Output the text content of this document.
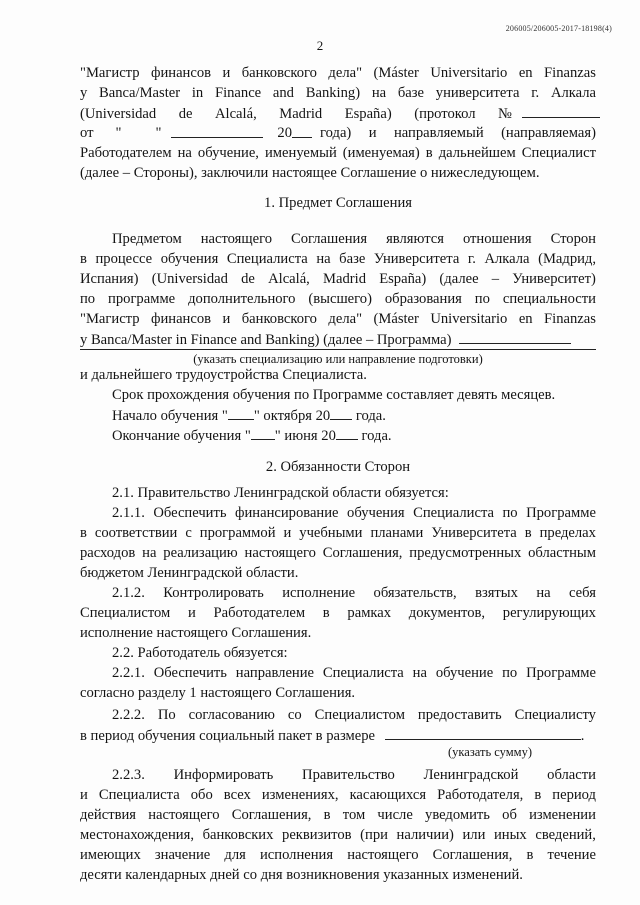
206005/206005-2017-18198(4)
2
"Магистр финансов и банковского дела" (Máster Universitario en Finanzas
y Banca/Master in Finance and Banking) на базе университета г. Алкала
(Universidad de Alcalá, Madrid España) (протокол №

от " "	20 года) и направляемый (направляемая)
Работодателем на обучение, именуемый (именуемая) в дальнейшем Специалист
(далее – Стороны), заключили настоящее Соглашение о нижеследующем.
1. Предмет Соглашения
Предметом настоящего Соглашения являются отношения Сторон
в процессе обучения Специалиста на базе Университета г. Алкала (Мадрид,
Испания) (Universidad de Alcalá, Madrid España) (далее – Университет)
по программе дополнительного (высшего) образования по специальности
"Магистр финансов и банковского дела" (Máster Universitario en Finanzas
y Banca/Master in Finance and Banking) (далее – Программа)
(указать специализацию или направление подготовки)
и дальнейшего трудоустройства Специалиста.
Срок прохождения обучения по Программе составляет девять месяцев.
Начало обучения " " октября 20 года.
Окончание обучения " " июня 20 года.
2. Обязанности Сторон
2.1. Правительство Ленинградской области обязуется:
2.1.1. Обеспечить финансирование обучения Специалиста по Программе
в соответствии с программой и учебными планами Университета в пределах
расходов на реализацию настоящего Соглашения, предусмотренных областным
бюджетом Ленинградской области.
2.1.2. Контролировать исполнение обязательств, взятых на себя
Специалистом и Работодателем в рамках документов, регулирующих
исполнение настоящего Соглашения.
2.2. Работодатель обязуется:
2.2.1. Обеспечить направление Специалиста на обучение по Программе
согласно разделу 1 настоящего Соглашения.
2.2.2. По согласованию со Специалистом предоставить Специалисту
в период обучения социальный пакет в размере	.
(указать сумму)
2.2.3. Информировать Правительство Ленинградской области
и Специалиста обо всех изменениях, касающихся Работодателя, в период
действия настоящего Соглашения, в том числе уведомить об изменении
местонахождения, банковских реквизитов (при наличии) или иных сведений,
имеющих значение для исполнения настоящего Соглашения, в течение
десяти календарных дней со дня возникновения указанных изменений.
